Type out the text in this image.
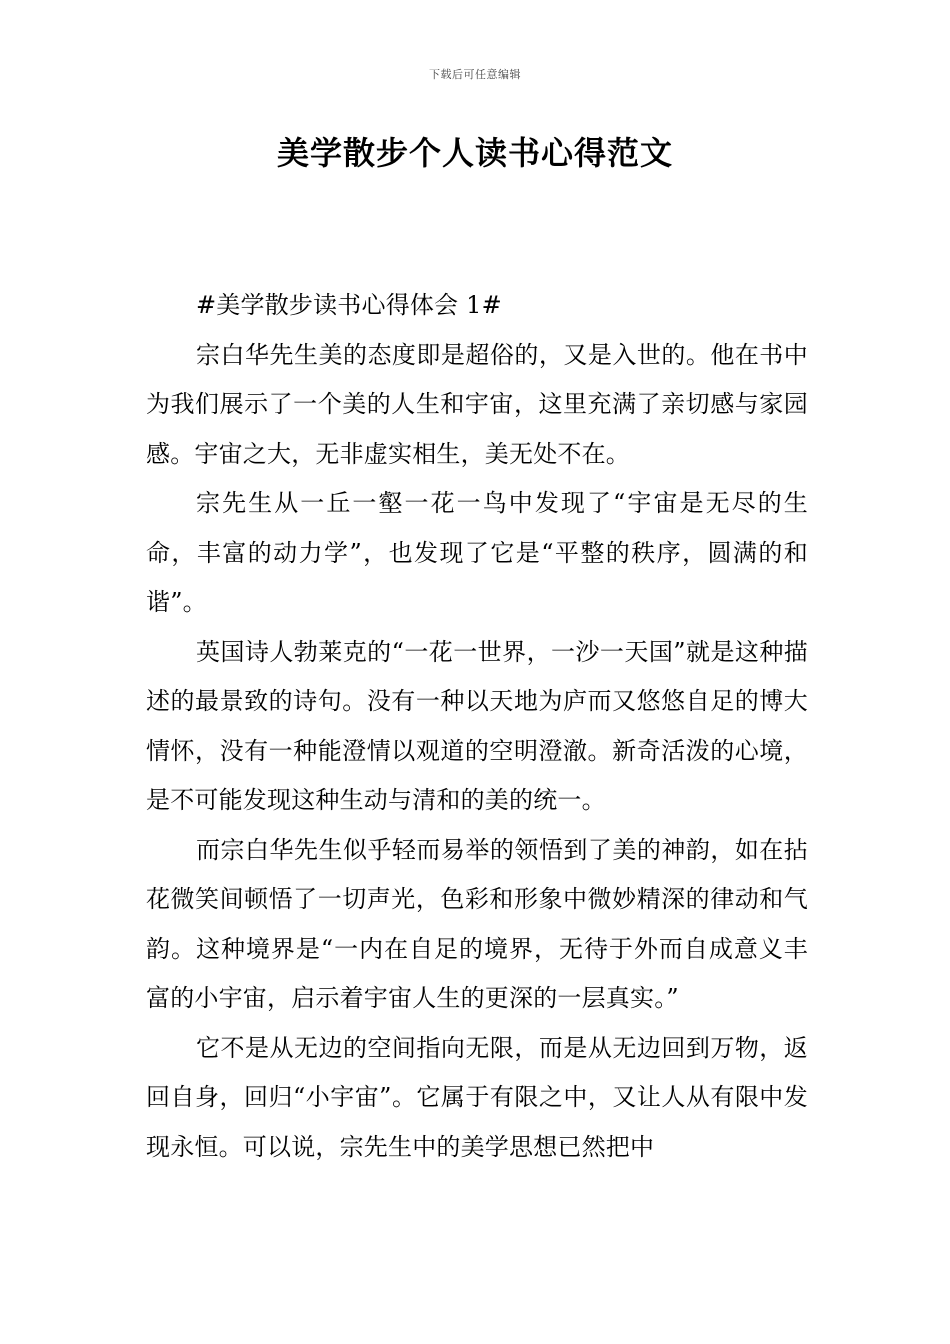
下载后可任意编辑
美学散步个人读书心得范文

#美学散步读书心得体会 1#

宗白华先生美的态度即是超俗的，又是入世的。他在书中为我们展示了一个美的人生和宇宙，这里充满了亲切感与家园感。宇宙之大，无非虚实相生，美无处不在。

宗先生从一丘一壑一花一鸟中发现了“宇宙是无尽的生命，丰富的动力学”，也发现了它是“平整的秩序，圆满的和谐”。

英国诗人勃莱克的“一花一世界，一沙一天国”就是这种描述的最景致的诗句。没有一种以天地为庐而又悠悠自足的博大情怀，没有一种能澄情以观道的空明澄澈。新奇活泼的心境，是不可能发现这种生动与清和的美的统一。

而宗白华先生似乎轻而易举的领悟到了美的神韵，如在拈花微笑间顿悟了一切声光，色彩和形象中微妙精深的律动和气韵。这种境界是“一内在自足的境界，无待于外而自成意义丰富的小宇宙，启示着宇宙人生的更深的一层真实。”

它不是从无边的空间指向无限，而是从无边回到万物，返回自身，回归“小宇宙”。它属于有限之中，又让人从有限中发现永恒。可以说，宗先生中的美学思想已然把中
